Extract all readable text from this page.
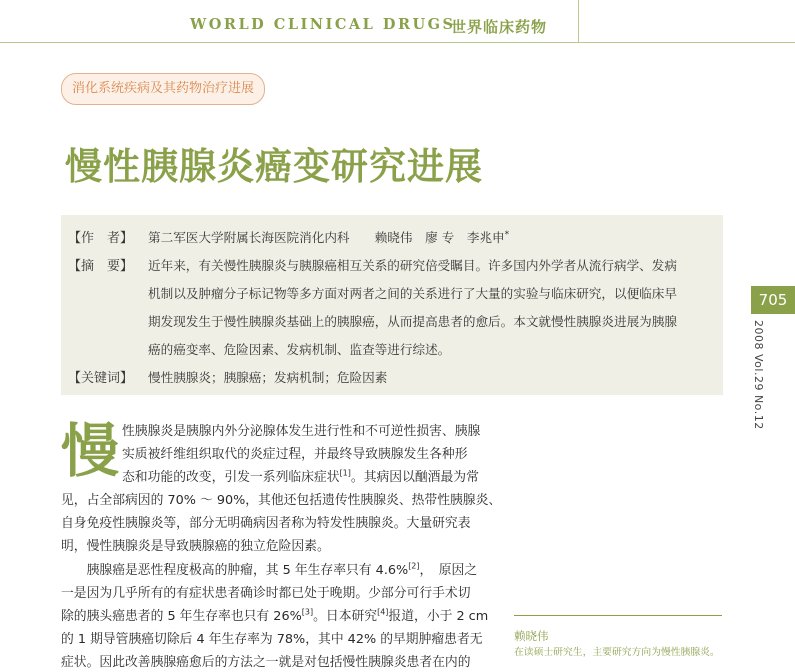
WORLD CLINICAL DRUGS
世界临床药物
消化系统疾病及其药物治疗进展
慢性胰腺炎癌变研究进展
【作　者】 第二军医大学附属长海医院消化内科　　赖晓伟　廖 专　李兆申*
【摘　要】 近年来，有关慢性胰腺炎与胰腺癌相互关系的研究倍受瞩目。许多国内外学者从流行病学、发病
机制以及肿瘤分子标记物等多方面对两者之间的关系进行了大量的实验与临床研究，以便临床早
期发现发生于慢性胰腺炎基础上的胰腺癌，从而提高患者的愈后。本文就慢性胰腺炎进展为胰腺
癌的癌变率、危险因素、发病机制、监查等进行综述。
【关键词】 慢性胰腺炎；胰腺癌；发病机制；危险因素
705
2008 Vol.29 No.12
慢 性胰腺炎是胰腺内外分泌腺体发生进行性和不可逆性损害、胰腺
实质被纤维组织取代的炎症过程，并最终导致胰腺发生各种形
态和功能的改变，引发一系列临床症状[1]。其病因以酗酒最为常
见，占全部病因的 70% ～ 90%，其他还包括遗传性胰腺炎、热带性胰腺炎、
自身免疫性胰腺炎等，部分无明确病因者称为特发性胰腺炎。大量研究表
明，慢性胰腺炎是导致胰腺癌的独立危险因素。
　　胰腺癌是恶性程度极高的肿瘤，其 5 年生存率只有 4.6%[2]，　原因之
一是因为几乎所有的有症状患者确诊时都已处于晚期。少部分可行手术切
除的胰头癌患者的 5 年生存率也只有 26%[3]。日本研究[4]报道，小于 2 cm
的 1 期导管胰癌切除后 4 年生存率为 78%，其中 42% 的早期肿瘤患者无
症状。因此改善胰腺癌愈后的方法之一就是对包括慢性胰腺炎患者在内的
赖晓伟
在读硕士研究生，主要研究方向为慢性胰腺炎。
